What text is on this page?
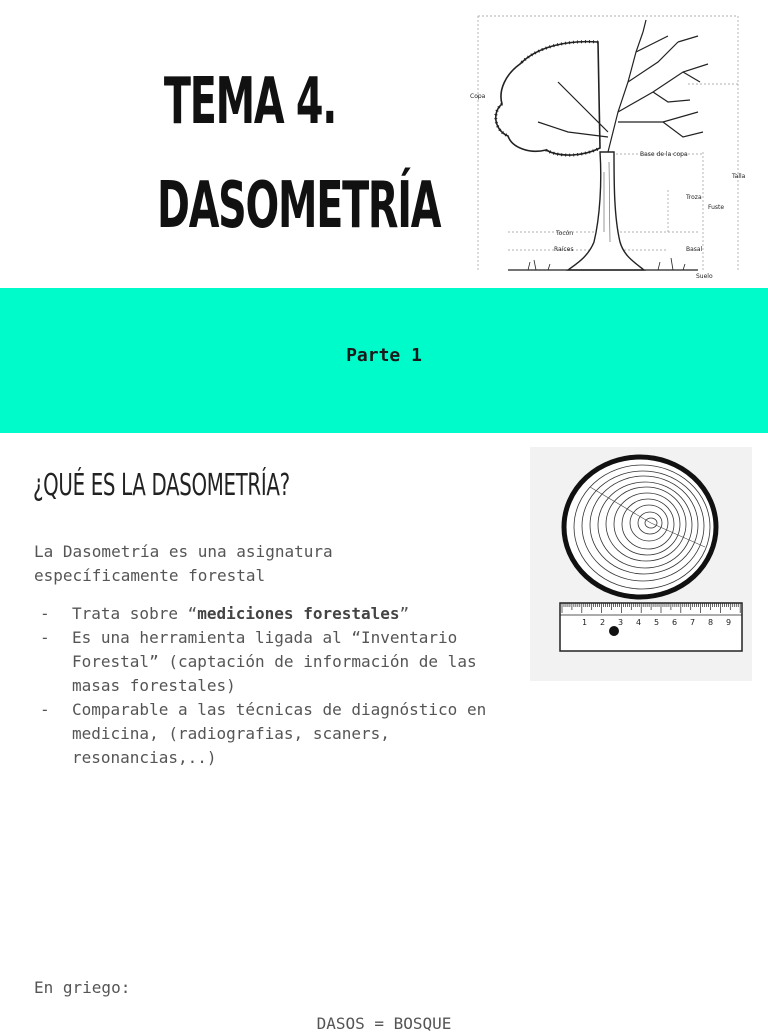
TEMA 4.
DASOMETRÍA
Copa
Base de la copa
Talla
Troza
Fuste
Tocón
Raíces	Basal
Suelo
Parte 1
¿QUÉ ES LA DASOMETRÍA?

La Dasometría es una asignatura específicamente forestal

- Trata sobre “mediciones forestales”
- Es una herramienta ligada al “Inventario Forestal” (captación de información de las masas forestales)
- Comparable a las técnicas de diagnóstico en medicina, (radiografias, scaners, resonancias,..)
1 2 3 4 5 6 7 8 9
En griego:
DASOS = BOSQUE
